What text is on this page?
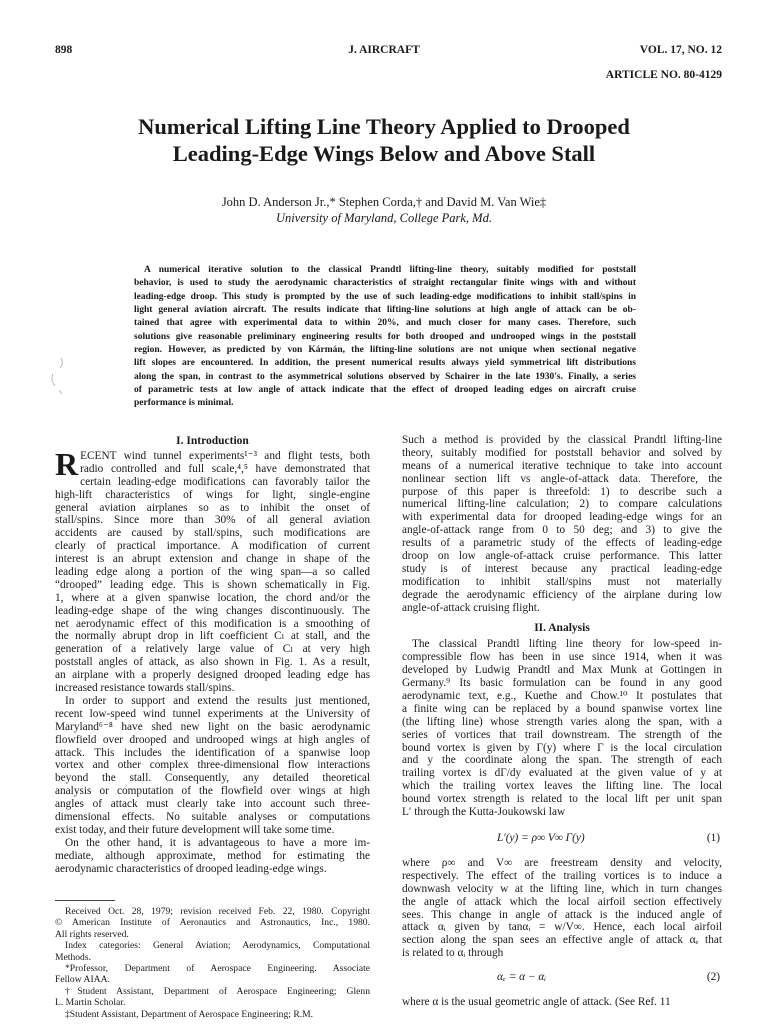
898	J. AIRCRAFT	VOL. 17, NO. 12
ARTICLE NO. 80-4129
Numerical Lifting Line Theory Applied to Drooped
Leading-Edge Wings Below and Above Stall
John D. Anderson Jr.,* Stephen Corda,† and David M. Van Wie‡
University of Maryland, College Park, Md.
A numerical iterative solution to the classical Prandtl lifting-line theory, suitably modified for poststall
behavior, is used to study the aerodynamic characteristics of straight rectangular finite wings with and without
leading-edge droop. This study is prompted by the use of such leading-edge modifications to inhibit stall/spins in
light general aviation aircraft. The results indicate that lifting-line solutions at high angle of attack can be ob-
tained that agree with experimental data to within 20%, and much closer for many cases. Therefore, such
solutions give reasonable preliminary engineering results for both drooped and undrooped wings in the poststall
region. However, as predicted by von Kármán, the lifting-line solutions are not unique when sectional negative
lift slopes are encountered. In addition, the present numerical results always yield symmetrical lift distributions
along the span, in contrast to the asymmetrical solutions observed by Schairer in the late 1930's. Finally, a series
of parametric tests at low angle of attack indicate that the effect of drooped leading edges on aircraft cruise
performance is minimal.
I. Introduction
R ECENT wind tunnel experiments¹⁻³ and flight tests, both
radio controlled and full scale,⁴,⁵ have demonstrated that
certain leading-edge modifications can favorably tailor the
high-lift characteristics of wings for light, single-engine
general aviation airplanes so as to inhibit the onset of
stall/spins. Since more than 30% of all general aviation
accidents are caused by stall/spins, such modifications are
clearly of practical importance. A modification of current
interest is an abrupt extension and change in shape of the
leading edge along a portion of the wing span—a so called
“drooped” leading edge. This is shown schematically in Fig.
1, where at a given spanwise location, the chord and/or the
leading-edge shape of the wing changes discontinuously. The
net aerodynamic effect of this modification is a smoothing of
the normally abrupt drop in lift coefficient Cₗ at stall, and the
generation of a relatively large value of Cₗ at very high
poststall angles of attack, as also shown in Fig. 1. As a result,
an airplane with a properly designed drooped leading edge has
increased resistance towards stall/spins.
In order to support and extend the results just mentioned,
recent low-speed wind tunnel experiments at the University of
Maryland⁶⁻⁸ have shed new light on the basic aerodynamic
flowfield over drooped and undrooped wings at high angles of
attack. This includes the identification of a spanwise loop
vortex and other complex three-dimensional flow interactions
beyond the stall. Consequently, any detailed theoretical
analysis or computation of the flowfield over wings at high
angles of attack must clearly take into account such three-
dimensional effects. No suitable analyses or computations
exist today, and their future development will take some time.
On the other hand, it is advantageous to have a more im-
mediate, although approximate, method for estimating the
aerodynamic characteristics of drooped leading-edge wings.
Received Oct. 28, 1979; revision received Feb. 22, 1980. Copyright
© American Institute of Aeronautics and Astronautics, Inc., 1980.
All rights reserved.
Index categories: General Aviation; Aerodynamics, Computational
Methods.
*Professor, Department of Aerospace Engineering. Associate
Fellow AIAA.
†Student Assistant, Department of Aerospace Engineering; Glenn
L. Martin Scholar.
‡Student Assistant, Department of Aerospace Engineering; R.M.
Such a method is provided by the classical Prandtl lifting-line
theory, suitably modified for poststall behavior and solved by
means of a numerical iterative technique to take into account
nonlinear section lift vs angle-of-attack data. Therefore, the
purpose of this paper is threefold: 1) to describe such a
numerical lifting-line calculation; 2) to compare calculations
with experimental data for drooped leading-edge wings for an
angle-of-attack range from 0 to 50 deg; and 3) to give the
results of a parametric study of the effects of leading-edge
droop on low angle-of-attack cruise performance. This latter
study is of interest because any practical leading-edge
modification to inhibit stall/spins must not materially
degrade the aerodynamic efficiency of the airplane during low
angle-of-attack cruising flight.
II. Analysis
The classical Prandtl lifting line theory for low-speed in-
compressible flow has been in use since 1914, when it was
developed by Ludwig Prandtl and Max Munk at Gottingen in
Germany.⁹ Its basic formulation can be found in any good
aerodynamic text, e.g., Kuethe and Chow.¹⁰ It postulates that
a finite wing can be replaced by a bound spanwise vortex line
(the lifting line) whose strength varies along the span, with a
series of vortices that trail downstream. The strength of the
bound vortex is given by Γ(y) where Γ is the local circulation
and y the coordinate along the span. The strength of each
trailing vortex is dΓ/dy evaluated at the given value of y at
which the trailing vortex leaves the lifting line. The local
bound vortex strength is related to the local lift per unit span
L′ through the Kutta-Joukowski law
L′(y) = ρ∞ V∞ Γ(y)	(1)
where ρ∞ and V∞ are freestream density and velocity,
respectively. The effect of the trailing vortices is to induce a
downwash velocity w at the lifting line, which in turn changes
the angle of attack which the local airfoil section effectively
sees. This change in angle of attack is the induced angle of
attack αᵢ given by tanαᵢ = w/V∞. Hence, each local airfoil
section along the span sees an effective angle of attack αₑ that
is related to αᵢ through
αₑ = α − αᵢ	(2)
where α is the usual geometric angle of attack. (See Ref. 11
